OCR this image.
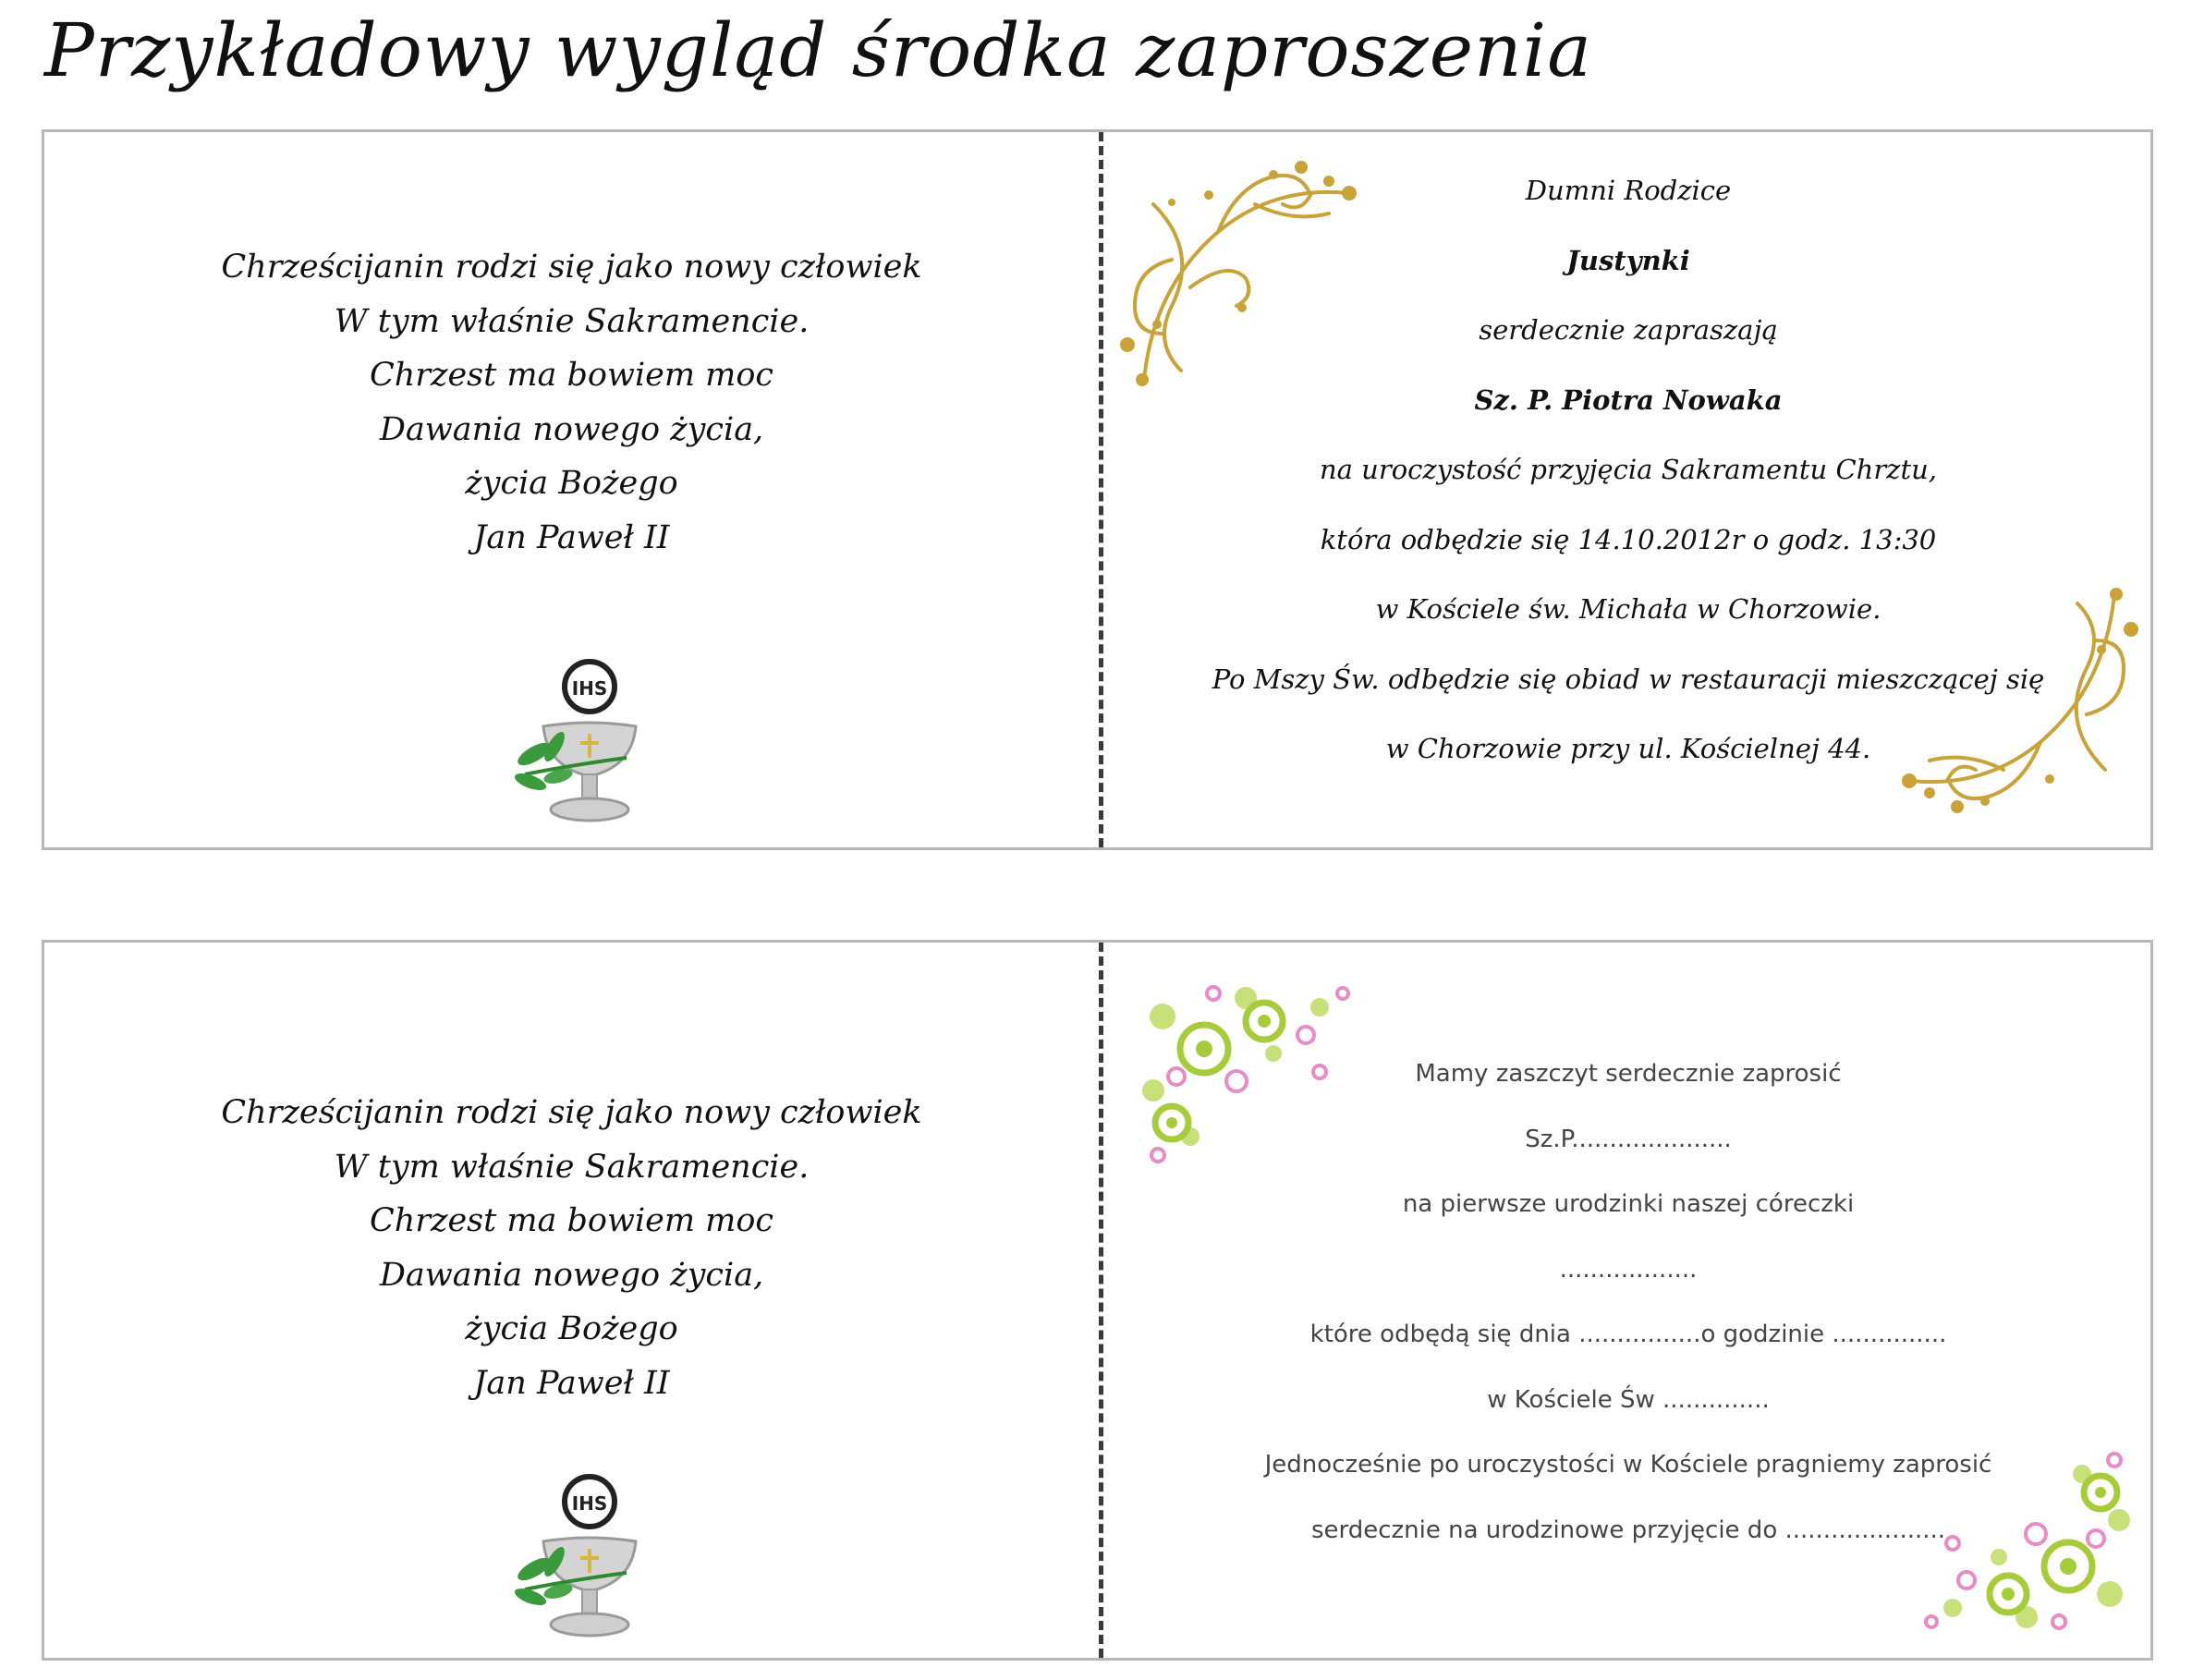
Przykładowy wygląd środka zaproszenia
Chrześcijanin rodzi się jako nowy człowiek
W tym właśnie Sakramencie.
Chrzest ma bowiem moc
Dawania nowego życia,
życia Bożego
Jan Paweł II
IHS
Dumni Rodzice
Justynki
serdecznie zapraszają
Sz. P. Piotra Nowaka
na uroczystość przyjęcia Sakramentu Chrztu,
która odbędzie się 14.10.2012r o godz. 13:30
w Kościele św. Michała w Chorzowie.
Po Mszy Św. odbędzie się obiad w restauracji mieszczącej się
w Chorzowie przy ul. Kościelnej 44.
Chrześcijanin rodzi się jako nowy człowiek
W tym właśnie Sakramencie.
Chrzest ma bowiem moc
Dawania nowego życia,
życia Bożego
Jan Paweł II
IHS
Mamy zaszczyt serdecznie zaprosić
Sz.P.....................
na pierwsze urodzinki naszej córeczki
..................
które odbędą się dnia ................o godzinie ...............
w Kościele Św ..............
Jednocześnie po uroczystości w Kościele pragniemy zaprosić
serdecznie na urodzinowe przyjęcie do .....................
